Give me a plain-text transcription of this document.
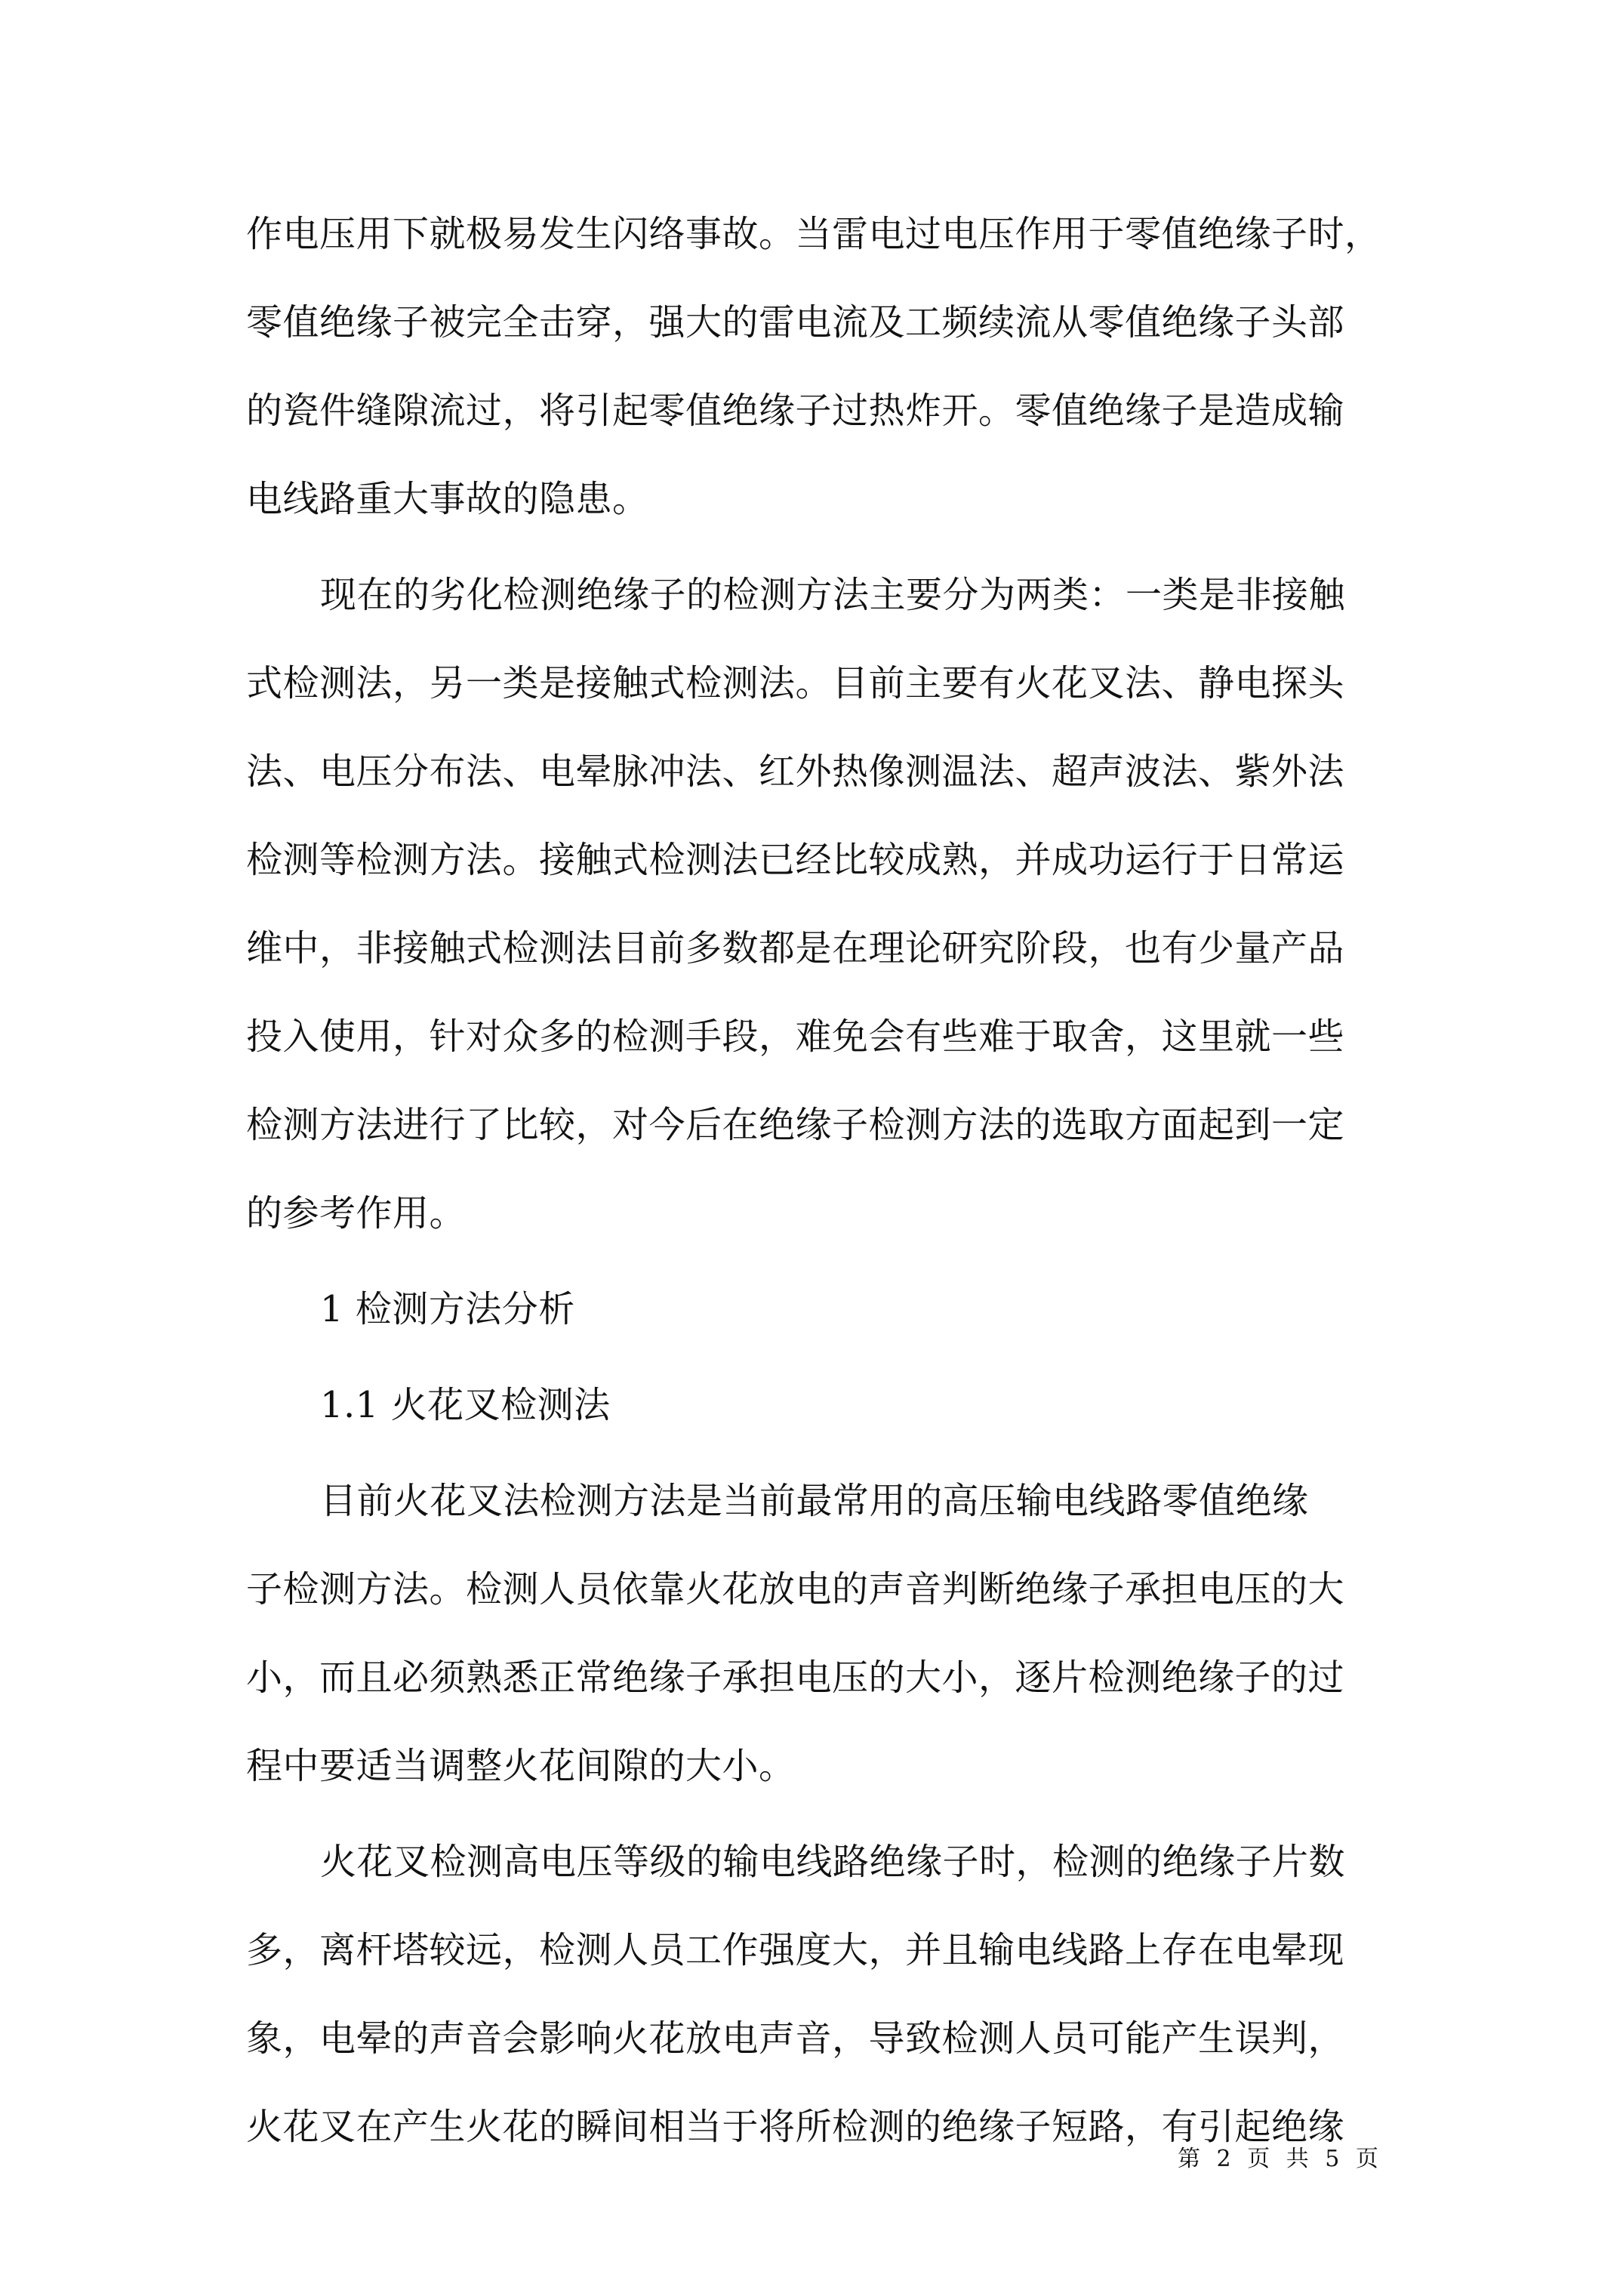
作电压用下就极易发生闪络事故。当雷电过电压作用于零值绝缘子时，
零值绝缘子被完全击穿，强大的雷电流及工频续流从零值绝缘子头部
的瓷件缝隙流过，将引起零值绝缘子过热炸开。零值绝缘子是造成输
电线路重大事故的隐患。
现在的劣化检测绝缘子的检测方法主要分为两类：一类是非接触
式检测法，另一类是接触式检测法。目前主要有火花叉法、静电探头
法、电压分布法、电晕脉冲法、红外热像测温法、超声波法、紫外法
检测等检测方法。接触式检测法已经比较成熟，并成功运行于日常运
维中，非接触式检测法目前多数都是在理论研究阶段，也有少量产品
投入使用，针对众多的检测手段，难免会有些难于取舍，这里就一些
检测方法进行了比较，对今后在绝缘子检测方法的选取方面起到一定
的参考作用。
1 检测方法分析
1.1 火花叉检测法
目前火花叉法检测方法是当前最常用的高压输电线路零值绝缘
子检测方法。检测人员依靠火花放电的声音判断绝缘子承担电压的大
小，而且必须熟悉正常绝缘子承担电压的大小，逐片检测绝缘子的过
程中要适当调整火花间隙的大小。
火花叉检测高电压等级的输电线路绝缘子时，检测的绝缘子片数
多，离杆塔较远，检测人员工作强度大，并且输电线路上存在电晕现
象，电晕的声音会影响火花放电声音，导致检测人员可能产生误判，
火花叉在产生火花的瞬间相当于将所检测的绝缘子短路，有引起绝缘
第 2 页 共 5 页
